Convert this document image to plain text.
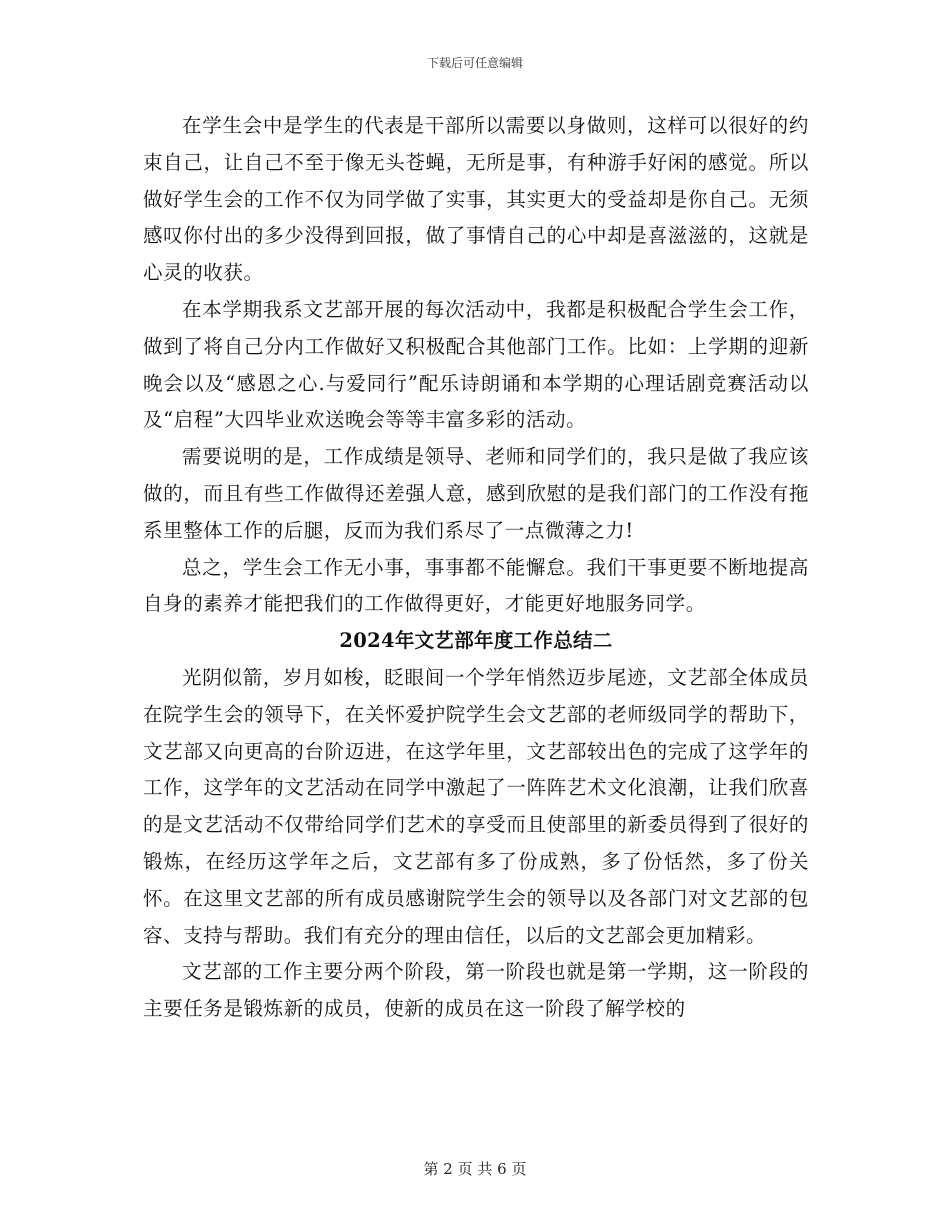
下载后可任意编辑

在学生会中是学生的代表是干部所以需要以身做则，这样可以很好的约束自己，让自己不至于像无头苍蝇，无所是事，有种游手好闲的感觉。所以做好学生会的工作不仅为同学做了实事，其实更大的受益却是你自己。无须感叹你付出的多少没得到回报，做了事情自己的心中却是喜滋滋的，这就是心灵的收获。

在本学期我系文艺部开展的每次活动中，我都是积极配合学生会工作，做到了将自己分内工作做好又积极配合其他部门工作。比如：上学期的迎新晚会以及“感恩之心.与爱同行”配乐诗朗诵和本学期的心理话剧竞赛活动以及“启程”大四毕业欢送晚会等等丰富多彩的活动。

需要说明的是，工作成绩是领导、老师和同学们的，我只是做了我应该做的，而且有些工作做得还差强人意，感到欣慰的是我们部门的工作没有拖系里整体工作的后腿，反而为我们系尽了一点微薄之力!

总之，学生会工作无小事，事事都不能懈怠。我们干事更要不断地提高自身的素养才能把我们的工作做得更好，才能更好地服务同学。

2024年文艺部年度工作总结二

光阴似箭，岁月如梭，眨眼间一个学年悄然迈步尾迹，文艺部全体成员在院学生会的领导下，在关怀爱护院学生会文艺部的老师级同学的帮助下，文艺部又向更高的台阶迈进，在这学年里，文艺部较出色的完成了这学年的工作，这学年的文艺活动在同学中激起了一阵阵艺术文化浪潮，让我们欣喜的是文艺活动不仅带给同学们艺术的享受而且使部里的新委员得到了很好的锻炼，在经历这学年之后，文艺部有多了份成熟，多了份恬然，多了份关怀。在这里文艺部的所有成员感谢院学生会的领导以及各部门对文艺部的包容、支持与帮助。我们有充分的理由信任，以后的文艺部会更加精彩。

文艺部的工作主要分两个阶段，第一阶段也就是第一学期，这一阶段的主要任务是锻炼新的成员，使新的成员在这一阶段了解学校的

第 2 页 共 6 页
